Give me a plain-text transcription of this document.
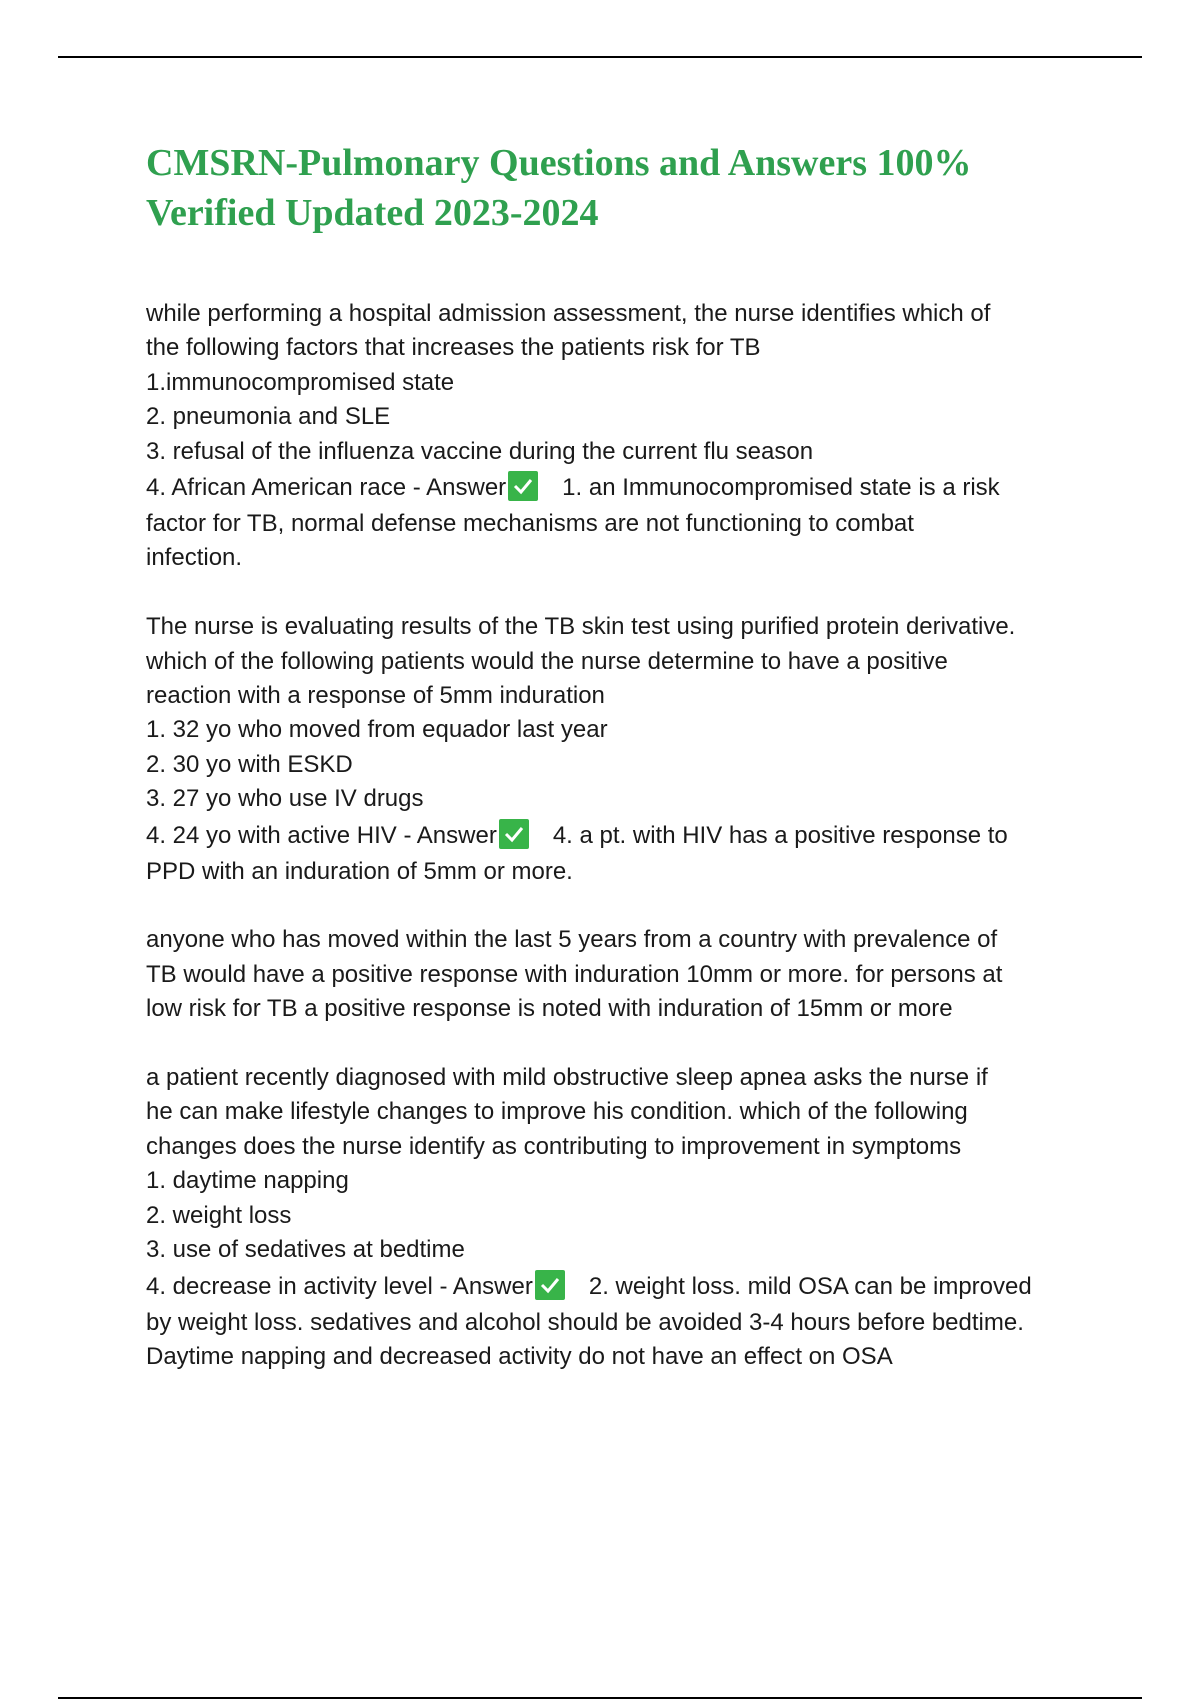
CMSRN-Pulmonary Questions and Answers 100%
Verified Updated 2023-2024
while performing a hospital admission assessment, the nurse identifies which of
the following factors that increases the patients risk for TB
1.immunocompromised state
2. pneumonia and SLE
3. refusal of the influenza vaccine during the current flu season
4. African American race - Answer 1. an Immunocompromised state is a risk
factor for TB, normal defense mechanisms are not functioning to combat
infection.
The nurse is evaluating results of the TB skin test using purified protein derivative.
which of the following patients would the nurse determine to have a positive
reaction with a response of 5mm induration
1. 32 yo who moved from equador last year
2. 30 yo with ESKD
3. 27 yo who use IV drugs
4. 24 yo with active HIV - Answer 4. a pt. with HIV has a positive response to
PPD with an induration of 5mm or more.
anyone who has moved within the last 5 years from a country with prevalence of
TB would have a positive response with induration 10mm or more. for persons at
low risk for TB a positive response is noted with induration of 15mm or more
a patient recently diagnosed with mild obstructive sleep apnea asks the nurse if
he can make lifestyle changes to improve his condition. which of the following
changes does the nurse identify as contributing to improvement in symptoms
1. daytime napping
2. weight loss
3. use of sedatives at bedtime
4. decrease in activity level - Answer 2. weight loss. mild OSA can be improved
by weight loss. sedatives and alcohol should be avoided 3-4 hours before bedtime.
Daytime napping and decreased activity do not have an effect on OSA
